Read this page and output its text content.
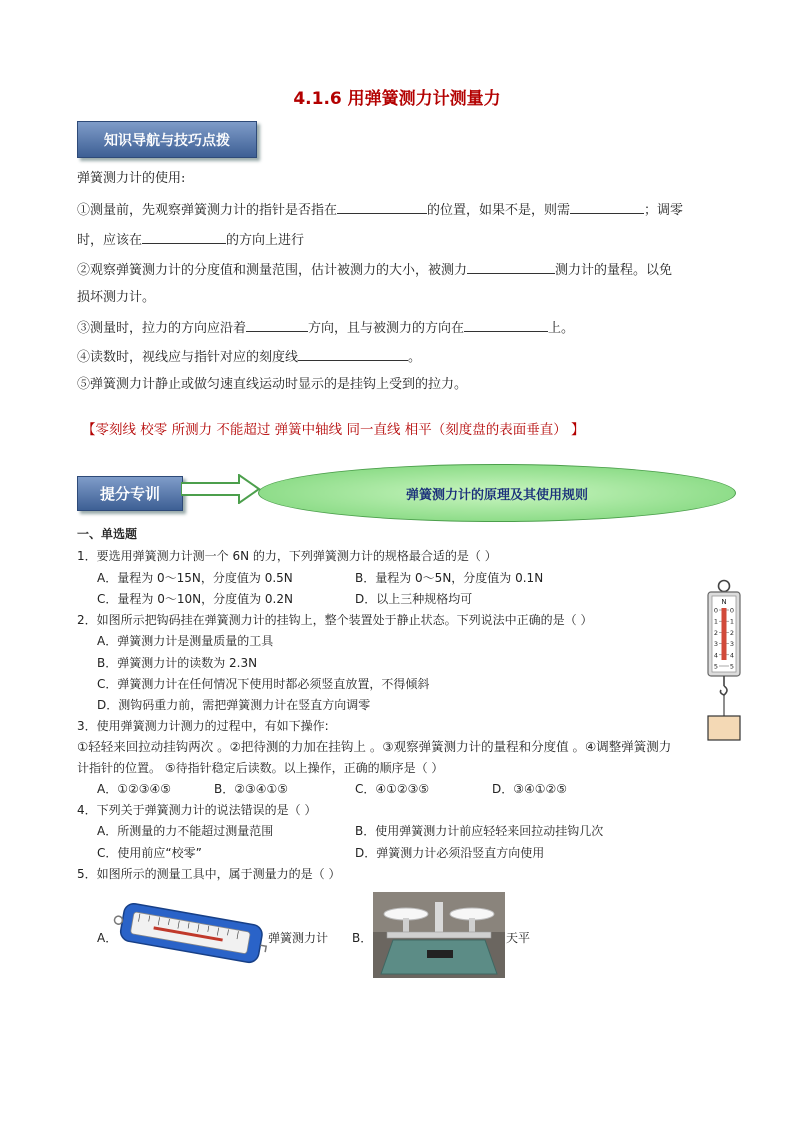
4.1.6 用弹簧测力计测量力
知识导航与技巧点拨
弹簧测力计的使用:
①测量前，先观察弹簧测力计的指针是否指在	的位置，如果不是，则需	；调零
时，应该在	的方向上进行
②观察弹簧测力计的分度值和测量范围，估计被测力的大小，被测力	测力计的量程。以免
损坏测力计。
③测量时，拉力的方向应沿着	方向，且与被测力的方向在	上。
④读数时，视线应与指针对应的刻度线	。
⑤弹簧测力计静止或做匀速直线运动时显示的是挂钩上受到的拉力。
【零刻线 校零 所测力 不能超过 弹簧中轴线 同一直线 相平（刻度盘的表面垂直） 】
提分专训	弹簧测力计的原理及其使用规则
一、单选题
1．要选用弹簧测力计测一个 6N 的力，下列弹簧测力计的规格最合适的是（ ）
A．量程为 0～15N，分度值为 0.5N	B．量程为 0～5N，分度值为 0.1N
C．量程为 0～10N，分度值为 0.2N	D．以上三种规格均可
2．如图所示把钩码挂在弹簧测力计的挂钩上，整个装置处于静止状态。下列说法中正确的是（ ）
A．弹簧测力计是测量质量的工具
B．弹簧测力计的读数为 2.3N
C．弹簧测力计在任何情况下使用时都必须竖直放置，不得倾斜
D．测钩码重力前，需把弹簧测力计在竖直方向调零
N
0 0
1 1
2 2
3 3
4 4
5 5
3．使用弹簧测力计测力的过程中，有如下操作:
①轻轻来回拉动挂钩两次 。②把待测的力加在挂钩上 。③观察弹簧测力计的量程和分度值 。④调整弹簧测力
计指针的位置。 ⑤待指针稳定后读数。以上操作，正确的顺序是（ ）
A．①②③④⑤	B．②③④①⑤	C．④①②③⑤	D．③④①②⑤
4．下列关于弹簧测力计的说法错误的是（ ）
A．所测量的力不能超过测量范围	B．使用弹簧测力计前应轻轻来回拉动挂钩几次
C．使用前应“校零”	D．弹簧测力计必须沿竖直方向使用
5．如图所示的测量工具中，属于测量力的是（ ）
A．	弹簧测力计 B．	天平
